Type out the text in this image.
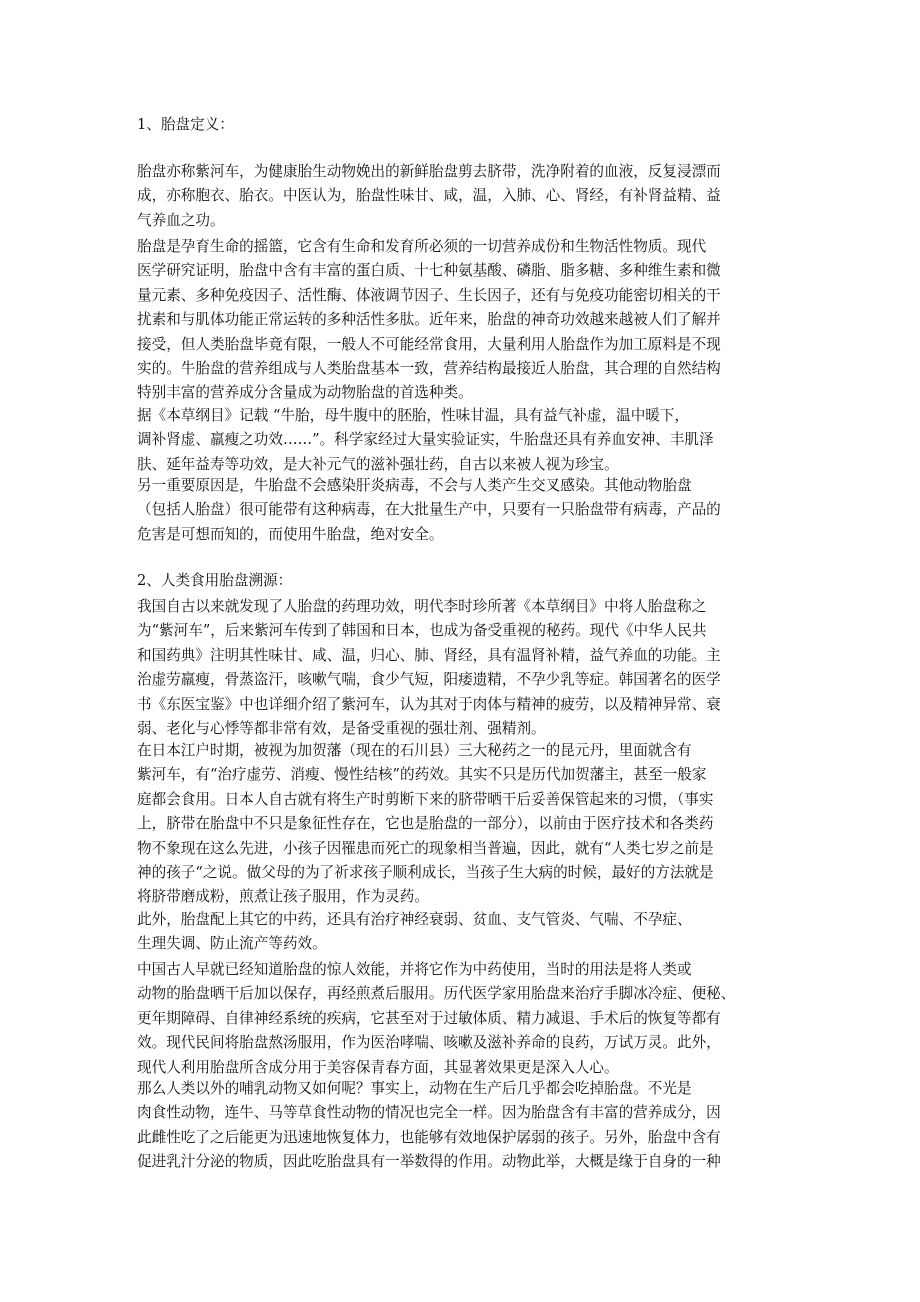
1、胎盘定义：

胎盘亦称紫河车，为健康胎生动物娩出的新鲜胎盘剪去脐带，洗净附着的血液，反复浸漂而
成，亦称胞衣、胎衣。中医认为，胎盘性味甘、咸，温，入肺、心、肾经，有补肾益精、益
气养血之功。

胎盘是孕育生命的摇篮，它含有生命和发育所必须的一切营养成份和生物活性物质。现代
医学研究证明，胎盘中含有丰富的蛋白质、十七种氨基酸、磷脂、脂多糖、多种维生素和微
量元素、多种免疫因子、活性酶、体液调节因子、生长因子，还有与免疫功能密切相关的干
扰素和与肌体功能正常运转的多种活性多肽。近年来，胎盘的神奇功效越来越被人们了解并
接受，但人类胎盘毕竟有限，一般人不可能经常食用，大量利用人胎盘作为加工原料是不现
实的。牛胎盘的营养组成与人类胎盘基本一致，营养结构最接近人胎盘，其合理的自然结构
特别丰富的营养成分含量成为动物胎盘的首选种类。

据《本草纲目》记载 “牛胎，母牛腹中的胚胎，性味甘温，具有益气补虚，温中暖下，
调补肾虚、羸瘦之功效……”。科学家经过大量实验证实，牛胎盘还具有养血安神、丰肌泽
肤、延年益寿等功效，是大补元气的滋补强壮药，自古以来被人视为珍宝。

另一重要原因是，牛胎盘不会感染肝炎病毒，不会与人类产生交叉感染。其他动物胎盘
（包括人胎盘）很可能带有这种病毒，在大批量生产中，只要有一只胎盘带有病毒，产品的
危害是可想而知的，而使用牛胎盘，绝对安全。

2、人类食用胎盘溯源：

我国自古以来就发现了人胎盘的药理功效，明代李时珍所著《本草纲目》中将人胎盘称之
为“紫河车”，后来紫河车传到了韩国和日本，也成为备受重视的秘药。现代《中华人民共
和国药典》注明其性味甘、咸、温，归心、肺、肾经，具有温肾补精，益气养血的功能。主
治虚劳羸瘦，骨蒸盗汗，咳嗽气喘，食少气短，阳痿遗精，不孕少乳等症。韩国著名的医学
书《东医宝鉴》中也详细介绍了紫河车，认为其对于肉体与精神的疲劳，以及精神异常、衰
弱、老化与心悸等都非常有效，是备受重视的强壮剂、强精剂。

在日本江户时期，被视为加贺藩（现在的石川县）三大秘药之一的昆元丹，里面就含有
紫河车，有“治疗虚劳、消瘦、慢性结核”的药效。其实不只是历代加贺藩主，甚至一般家
庭都会食用。日本人自古就有将生产时剪断下来的脐带晒干后妥善保管起来的习惯，（事实
上，脐带在胎盘中不只是象征性存在，它也是胎盘的一部分），以前由于医疗技术和各类药
物不象现在这么先进，小孩子因罹患而死亡的现象相当普遍，因此，就有“人类七岁之前是
神的孩子“之说。做父母的为了祈求孩子顺利成长，当孩子生大病的时候，最好的方法就是
将脐带磨成粉，煎煮让孩子服用，作为灵药。

此外，胎盘配上其它的中药，还具有治疗神经衰弱、贫血、支气管炎、气喘、不孕症、
生理失调、防止流产等药效。

中国古人早就已经知道胎盘的惊人效能，并将它作为中药使用，当时的用法是将人类或
动物的胎盘晒干后加以保存，再经煎煮后服用。历代医学家用胎盘来治疗手脚冰冷症、便秘、
更年期障碍、自律神经系统的疾病，它甚至对于过敏体质、精力减退、手术后的恢复等都有
效。现代民间将胎盘熬汤服用，作为医治哮喘、咳嗽及滋补养命的良药，万试万灵。此外，
现代人利用胎盘所含成分用于美容保青春方面，其显著效果更是深入人心。

那么人类以外的哺乳动物又如何呢？事实上，动物在生产后几乎都会吃掉胎盘。不光是
肉食性动物，连牛、马等草食性动物的情况也完全一样。因为胎盘含有丰富的营养成分，因
此雌性吃了之后能更为迅速地恢复体力，也能够有效地保护孱弱的孩子。另外，胎盘中含有
促进乳汁分泌的物质，因此吃胎盘具有一举数得的作用。动物此举，大概是缘于自身的一种
